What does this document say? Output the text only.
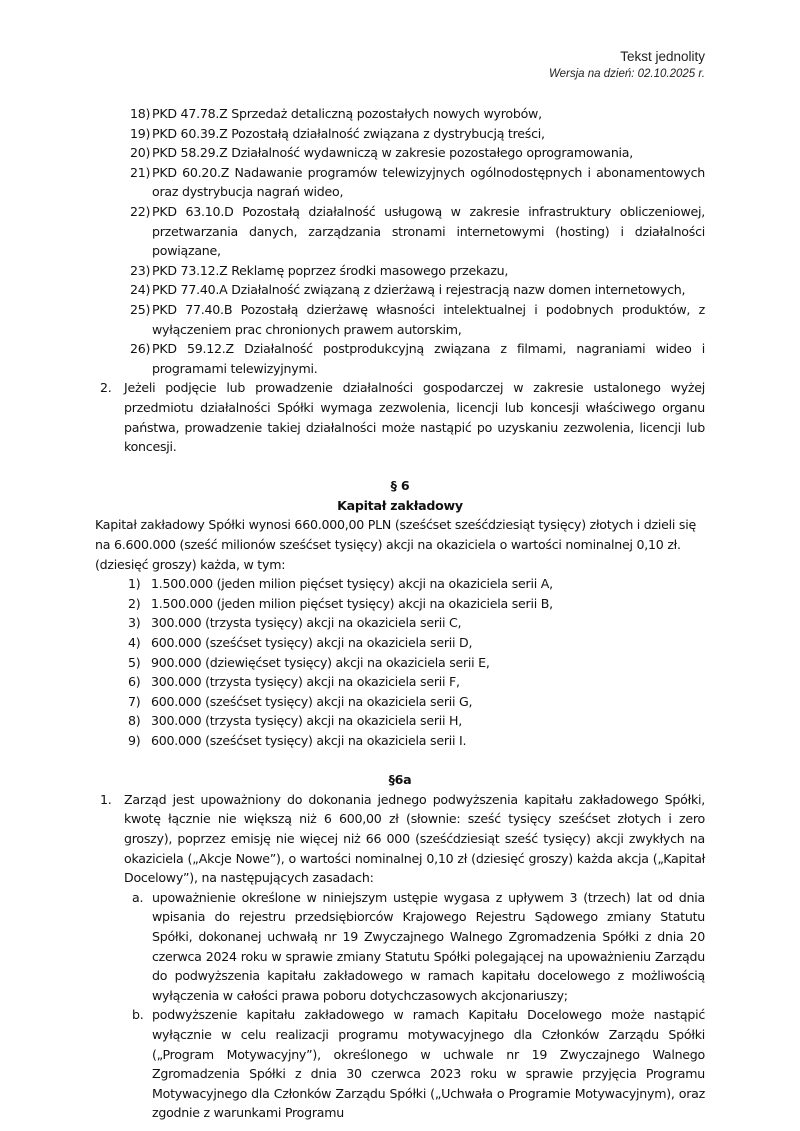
Tekst jednolity
Wersja na dzień: 02.10.2025 r.
18) PKD 47.78.Z Sprzedaż detaliczną pozostałych nowych wyrobów,
19) PKD 60.39.Z Pozostałą działalność związana z dystrybucją treści,
20) PKD 58.29.Z Działalność wydawniczą w zakresie pozostałego oprogramowania,
21) PKD 60.20.Z Nadawanie programów telewizyjnych ogólnodostępnych i abonamentowych oraz dystrybucja nagrań wideo,
22) PKD 63.10.D Pozostałą działalność usługową w zakresie infrastruktury obliczeniowej, przetwarzania danych, zarządzania stronami internetowymi (hosting) i działalności powiązane,
23) PKD 73.12.Z Reklamę poprzez środki masowego przekazu,
24) PKD 77.40.A Działalność związaną z dzierżawą i rejestracją nazw domen internetowych,
25) PKD 77.40.B Pozostałą dzierżawę własności intelektualnej i podobnych produktów, z wyłączeniem prac chronionych prawem autorskim,
26) PKD 59.12.Z Działalność postprodukcyjną związana z filmami, nagraniami wideo i programami telewizyjnymi.
2. Jeżeli podjęcie lub prowadzenie działalności gospodarczej w zakresie ustalonego wyżej przedmiotu działalności Spółki wymaga zezwolenia, licencji lub koncesji właściwego organu państwa, prowadzenie takiej działalności może nastąpić po uzyskaniu zezwolenia, licencji lub koncesji.
§ 6
Kapitał zakładowy
Kapitał zakładowy Spółki wynosi 660.000,00 PLN (sześćset sześćdziesiąt tysięcy) złotych i dzieli się
na 6.600.000 (sześć milionów sześćset tysięcy) akcji na okaziciela o wartości nominalnej 0,10 zł.
(dziesięć groszy) każda, w tym:
1) 1.500.000 (jeden milion pięćset tysięcy) akcji na okaziciela serii A,
2) 1.500.000 (jeden milion pięćset tysięcy) akcji na okaziciela serii B,
3) 300.000 (trzysta tysięcy) akcji na okaziciela serii C,
4) 600.000 (sześćset tysięcy) akcji na okaziciela serii D,
5) 900.000 (dziewięćset tysięcy) akcji na okaziciela serii E,
6) 300.000 (trzysta tysięcy) akcji na okaziciela serii F,
7) 600.000 (sześćset tysięcy) akcji na okaziciela serii G,
8) 300.000 (trzysta tysięcy) akcji na okaziciela serii H,
9) 600.000 (sześćset tysięcy) akcji na okaziciela serii I.
§6a
1. Zarząd jest upoważniony do dokonania jednego podwyższenia kapitału zakładowego Spółki, kwotę łącznie nie większą niż 6 600,00 zł (słownie: sześć tysięcy sześćset złotych i zero groszy), poprzez emisję nie więcej niż 66 000 (sześćdziesiąt sześć tysięcy) akcji zwykłych na okaziciela („Akcje Nowe”), o wartości nominalnej 0,10 zł (dziesięć groszy) każda akcja („Kapitał Docelowy”), na następujących zasadach:
a. upoważnienie określone w niniejszym ustępie wygasa z upływem 3 (trzech) lat od dnia wpisania do rejestru przedsiębiorców Krajowego Rejestru Sądowego zmiany Statutu Spółki, dokonanej uchwałą nr 19 Zwyczajnego Walnego Zgromadzenia Spółki z dnia 20 czerwca 2024 roku w sprawie zmiany Statutu Spółki polegającej na upoważnieniu Zarządu do podwyższenia kapitału zakładowego w ramach kapitału docelowego z możliwością wyłączenia w całości prawa poboru dotychczasowych akcjonariuszy;
b. podwyższenie kapitału zakładowego w ramach Kapitału Docelowego może nastąpić wyłącznie w celu realizacji programu motywacyjnego dla Członków Zarządu Spółki („Program Motywacyjny”), określonego w uchwale nr 19 Zwyczajnego Walnego Zgromadzenia Spółki z dnia 30 czerwca 2023 roku w sprawie przyjęcia Programu Motywacyjnego dla Członków Zarządu Spółki („Uchwała o Programie Motywacyjnym), oraz zgodnie z warunkami Programu
